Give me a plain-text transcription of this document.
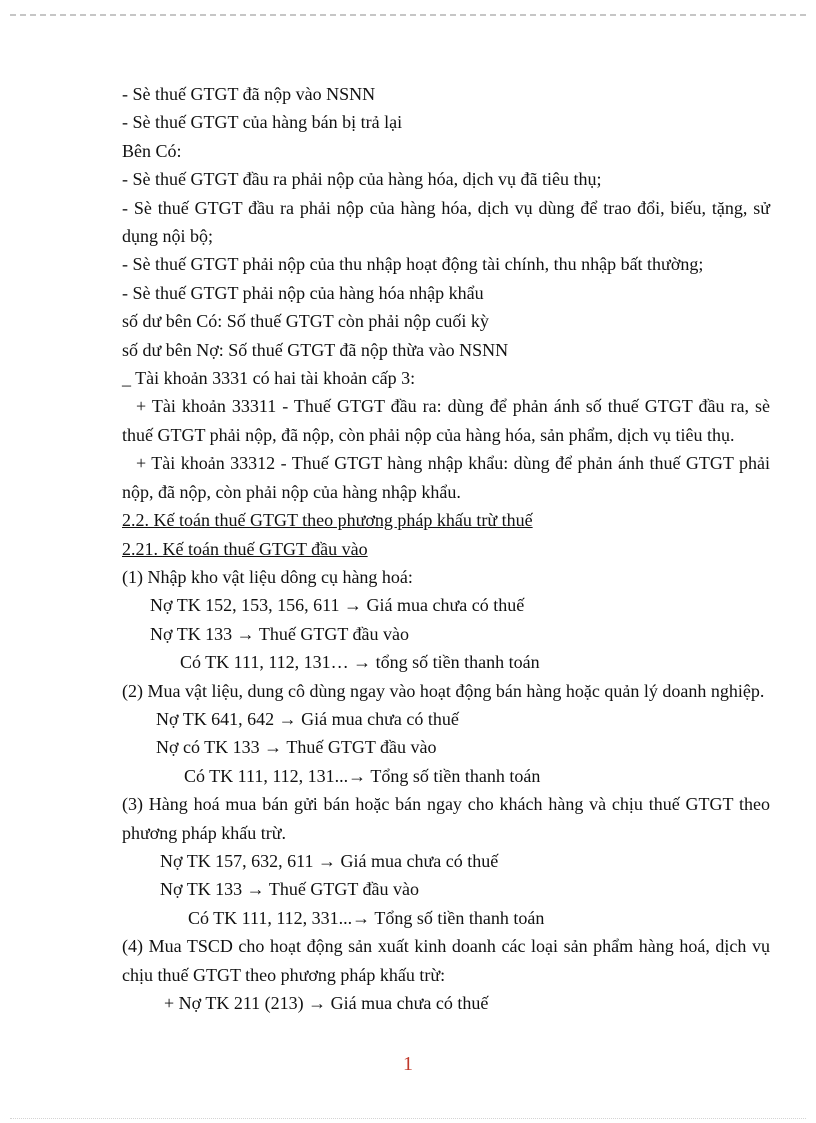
- Sè thuế GTGT đã nộp vào NSNN

- Sè thuế GTGT của hàng bán bị trả lại

Bên Có:

- Sè thuế GTGT đầu ra phải nộp của hàng hóa, dịch vụ đã tiêu thụ;

- Sè thuế GTGT đầu ra phải nộp của hàng hóa, dịch vụ dùng để trao đổi, biếu, tặng, sử dụng nội bộ;

- Sè thuế GTGT phải nộp của thu nhập hoạt động tài chính, thu nhập bất thường;

- Sè thuế GTGT phải nộp của hàng hóa nhập khẩu

số dư bên Có: Số thuế GTGT còn phải nộp cuối kỳ

số dư bên Nợ: Số thuế GTGT đã nộp thừa vào NSNN

_ Tài khoản 3331 có hai tài khoản cấp 3:

+ Tài khoản 33311 - Thuế GTGT đầu ra: dùng để phản ánh số thuế GTGT đầu ra, sè thuế GTGT phải nộp, đã nộp, còn phải nộp của hàng hóa, sản phẩm, dịch vụ tiêu thụ.

+ Tài khoản 33312 - Thuế GTGT hàng nhập khẩu: dùng để phản ánh thuế GTGT phải nộp, đã nộp, còn phải nộp của hàng nhập khẩu.

2.2. Kế toán thuế GTGT theo phương pháp khấu trừ thuế

2.21. Kế toán thuế GTGT đầu vào

(1) Nhập kho vật liệu dông cụ hàng hoá:

Nợ TK 152, 153, 156, 611 → Giá mua chưa có thuế

Nợ TK 133 → Thuế GTGT đầu vào

Có TK 111, 112, 131… → tổng số tiền thanh toán

(2) Mua vật liệu, dung cô dùng ngay vào hoạt động bán hàng hoặc quản lý doanh nghiệp.

Nợ TK 641, 642 → Giá mua chưa có thuế

Nợ có TK 133 → Thuế GTGT đầu vào

Có TK 111, 112, 131...→ Tổng số tiền thanh toán

(3) Hàng hoá mua bán gửi bán hoặc bán ngay cho khách hàng và chịu thuế GTGT theo phương pháp khấu trừ.

Nợ TK 157, 632, 611 → Giá mua chưa có thuế

Nợ TK 133 → Thuế GTGT đầu vào

Có TK 111, 112, 331...→ Tổng số tiền thanh toán

(4) Mua TSCD cho hoạt động sản xuất kinh doanh các loại sản phẩm hàng hoá, dịch vụ chịu thuế GTGT theo phương pháp khấu trừ:

+ Nợ TK 211 (213) → Giá mua chưa có thuế

1
